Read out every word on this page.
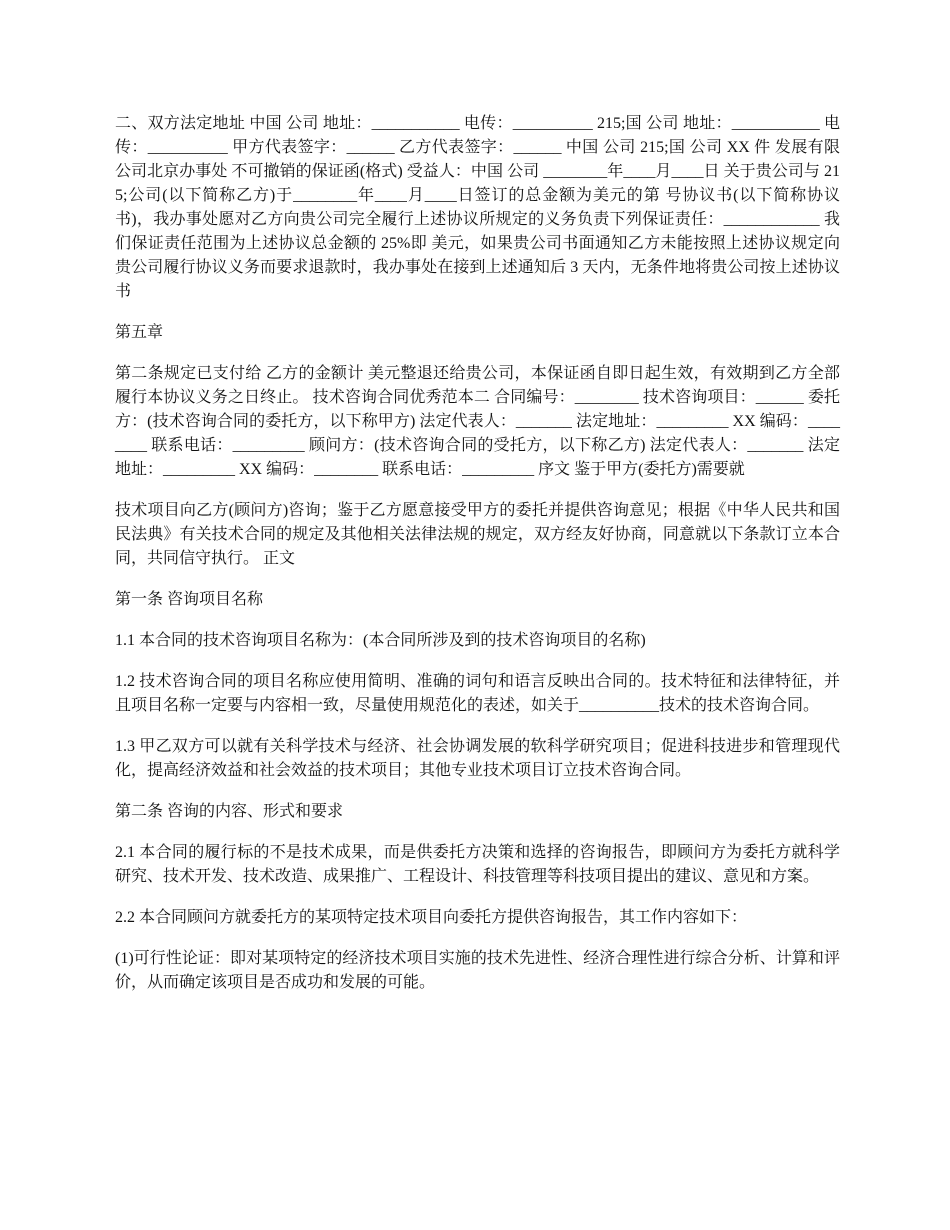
二、双方法定地址 中国 公司 地址：___________ 电传：__________ 215;国 公司 地址：___________ 电传：__________ 甲方代表签字：______ 乙方代表签字：______ 中国 公司 215;国 公司 XX 件 发展有限公司北京办事处 不可撤销的保证函(格式) 受益人：中国 公司 ________年____月____日 关于贵公司与 215;公司(以下简称乙方)于________年____月____日签订的总金额为美元的第 号协议书(以下简称协议书)，我办事处愿对乙方向贵公司完全履行上述协议所规定的义务负责下列保证责任：____________ 我们保证责任范围为上述协议总金额的 25%即 美元，如果贵公司书面通知乙方未能按照上述协议规定向贵公司履行协议义务而要求退款时，我办事处在接到上述通知后 3 天内，无条件地将贵公司按上述协议书

第五章

第二条规定已支付给 乙方的金额计 美元整退还给贵公司，本保证函自即日起生效，有效期到乙方全部履行本协议义务之日终止。 技术咨询合同优秀范本二 合同编号：________ 技术咨询项目：______ 委托方：(技术咨询合同的委托方，以下称甲方) 法定代表人：_______ 法定地址：_________ XX 编码：________ 联系电话：_________ 顾问方：(技术咨询合同的受托方，以下称乙方) 法定代表人：_______ 法定地址：_________ XX 编码：________ 联系电话：_________ 序文 鉴于甲方(委托方)需要就

技术项目向乙方(顾问方)咨询；鉴于乙方愿意接受甲方的委托并提供咨询意见；根据《中华人民共和国民法典》有关技术合同的规定及其他相关法律法规的规定，双方经友好协商，同意就以下条款订立本合同，共同信守执行。 正文

第一条 咨询项目名称

1.1 本合同的技术咨询项目名称为：(本合同所涉及到的技术咨询项目的名称)

1.2 技术咨询合同的项目名称应使用简明、准确的词句和语言反映出合同的。技术特征和法律特征，并且项目名称一定要与内容相一致，尽量使用规范化的表述，如关于__________技术的技术咨询合同。

1.3 甲乙双方可以就有关科学技术与经济、社会协调发展的软科学研究项目；促进科技进步和管理现代化，提高经济效益和社会效益的技术项目；其他专业技术项目订立技术咨询合同。

第二条 咨询的内容、形式和要求

2.1 本合同的履行标的不是技术成果，而是供委托方决策和选择的咨询报告，即顾问方为委托方就科学研究、技术开发、技术改造、成果推广、工程设计、科技管理等科技项目提出的建议、意见和方案。

2.2 本合同顾问方就委托方的某项特定技术项目向委托方提供咨询报告，其工作内容如下：

(1)可行性论证：即对某项特定的经济技术项目实施的技术先进性、经济合理性进行综合分析、计算和评价，从而确定该项目是否成功和发展的可能。
